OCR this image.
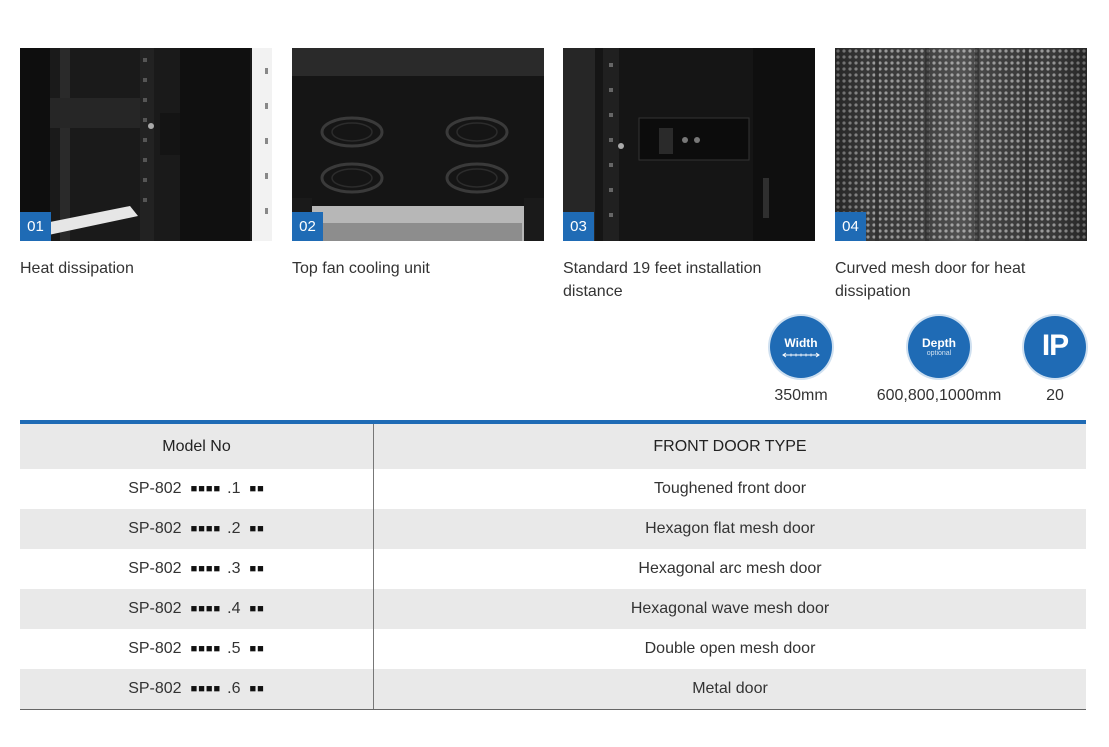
01
Heat dissipation
02
Top fan cooling unit
03
Standard 19 feet installation distance
04
Curved mesh door for heat dissipation
Width
350mm
Depth
optional
600,800,1000mm
IP
20
Model No	FRONT DOOR TYPE
SP-802 ■■■■ .1 ■■	Toughened front door
SP-802 ■■■■ .2 ■■	Hexagon flat mesh door
SP-802 ■■■■ .3 ■■	Hexagonal arc mesh door
SP-802 ■■■■ .4 ■■	Hexagonal wave mesh door
SP-802 ■■■■ .5 ■■	Double open mesh door
SP-802 ■■■■ .6 ■■	Metal door
